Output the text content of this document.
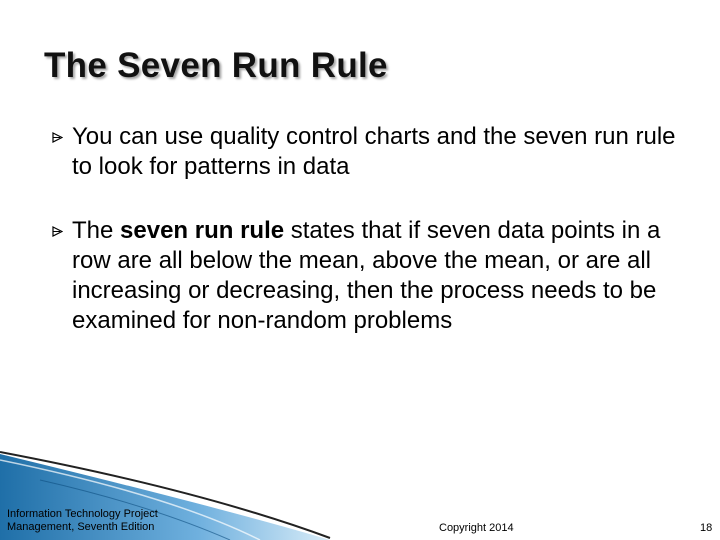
The Seven Run Rule
You can use quality control charts and the seven run rule to look for patterns in data
The seven run rule states that if seven data points in a row are all below the mean, above the mean, or are all increasing or decreasing, then the process needs to be examined for non-random problems
Information Technology Project
Management, Seventh Edition	Copyright 2014	18
